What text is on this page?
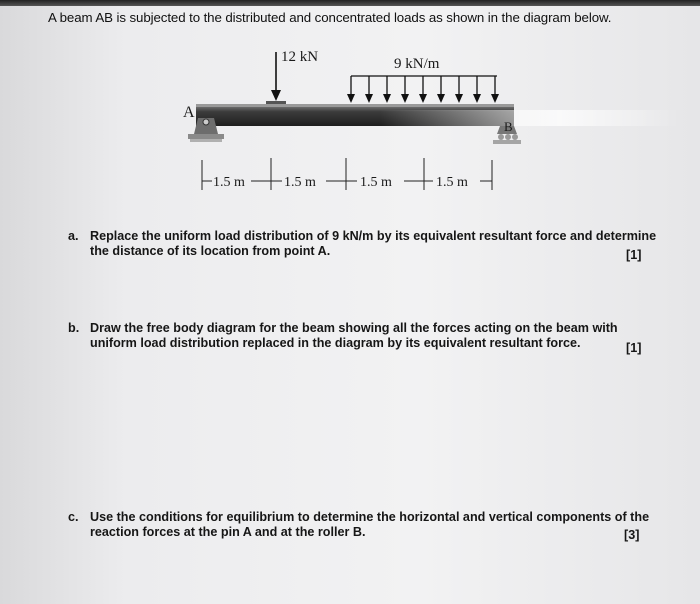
A beam AB is subjected to the distributed and concentrated loads as shown in the diagram below.
12 kN	9 kN/m
A
B
1.5 m	1.5 m	1.5 m	1.5 m
a. Replace the uniform load distribution of 9 kN/m by its equivalent resultant force and determine
the distance of its location from point A.	[1]
b. Draw the free body diagram for the beam showing all the forces acting on the beam with
uniform load distribution replaced in the diagram by its equivalent resultant force.	[1]
c. Use the conditions for equilibrium to determine the horizontal and vertical components of the
reaction forces at the pin A and at the roller B.	[3]
